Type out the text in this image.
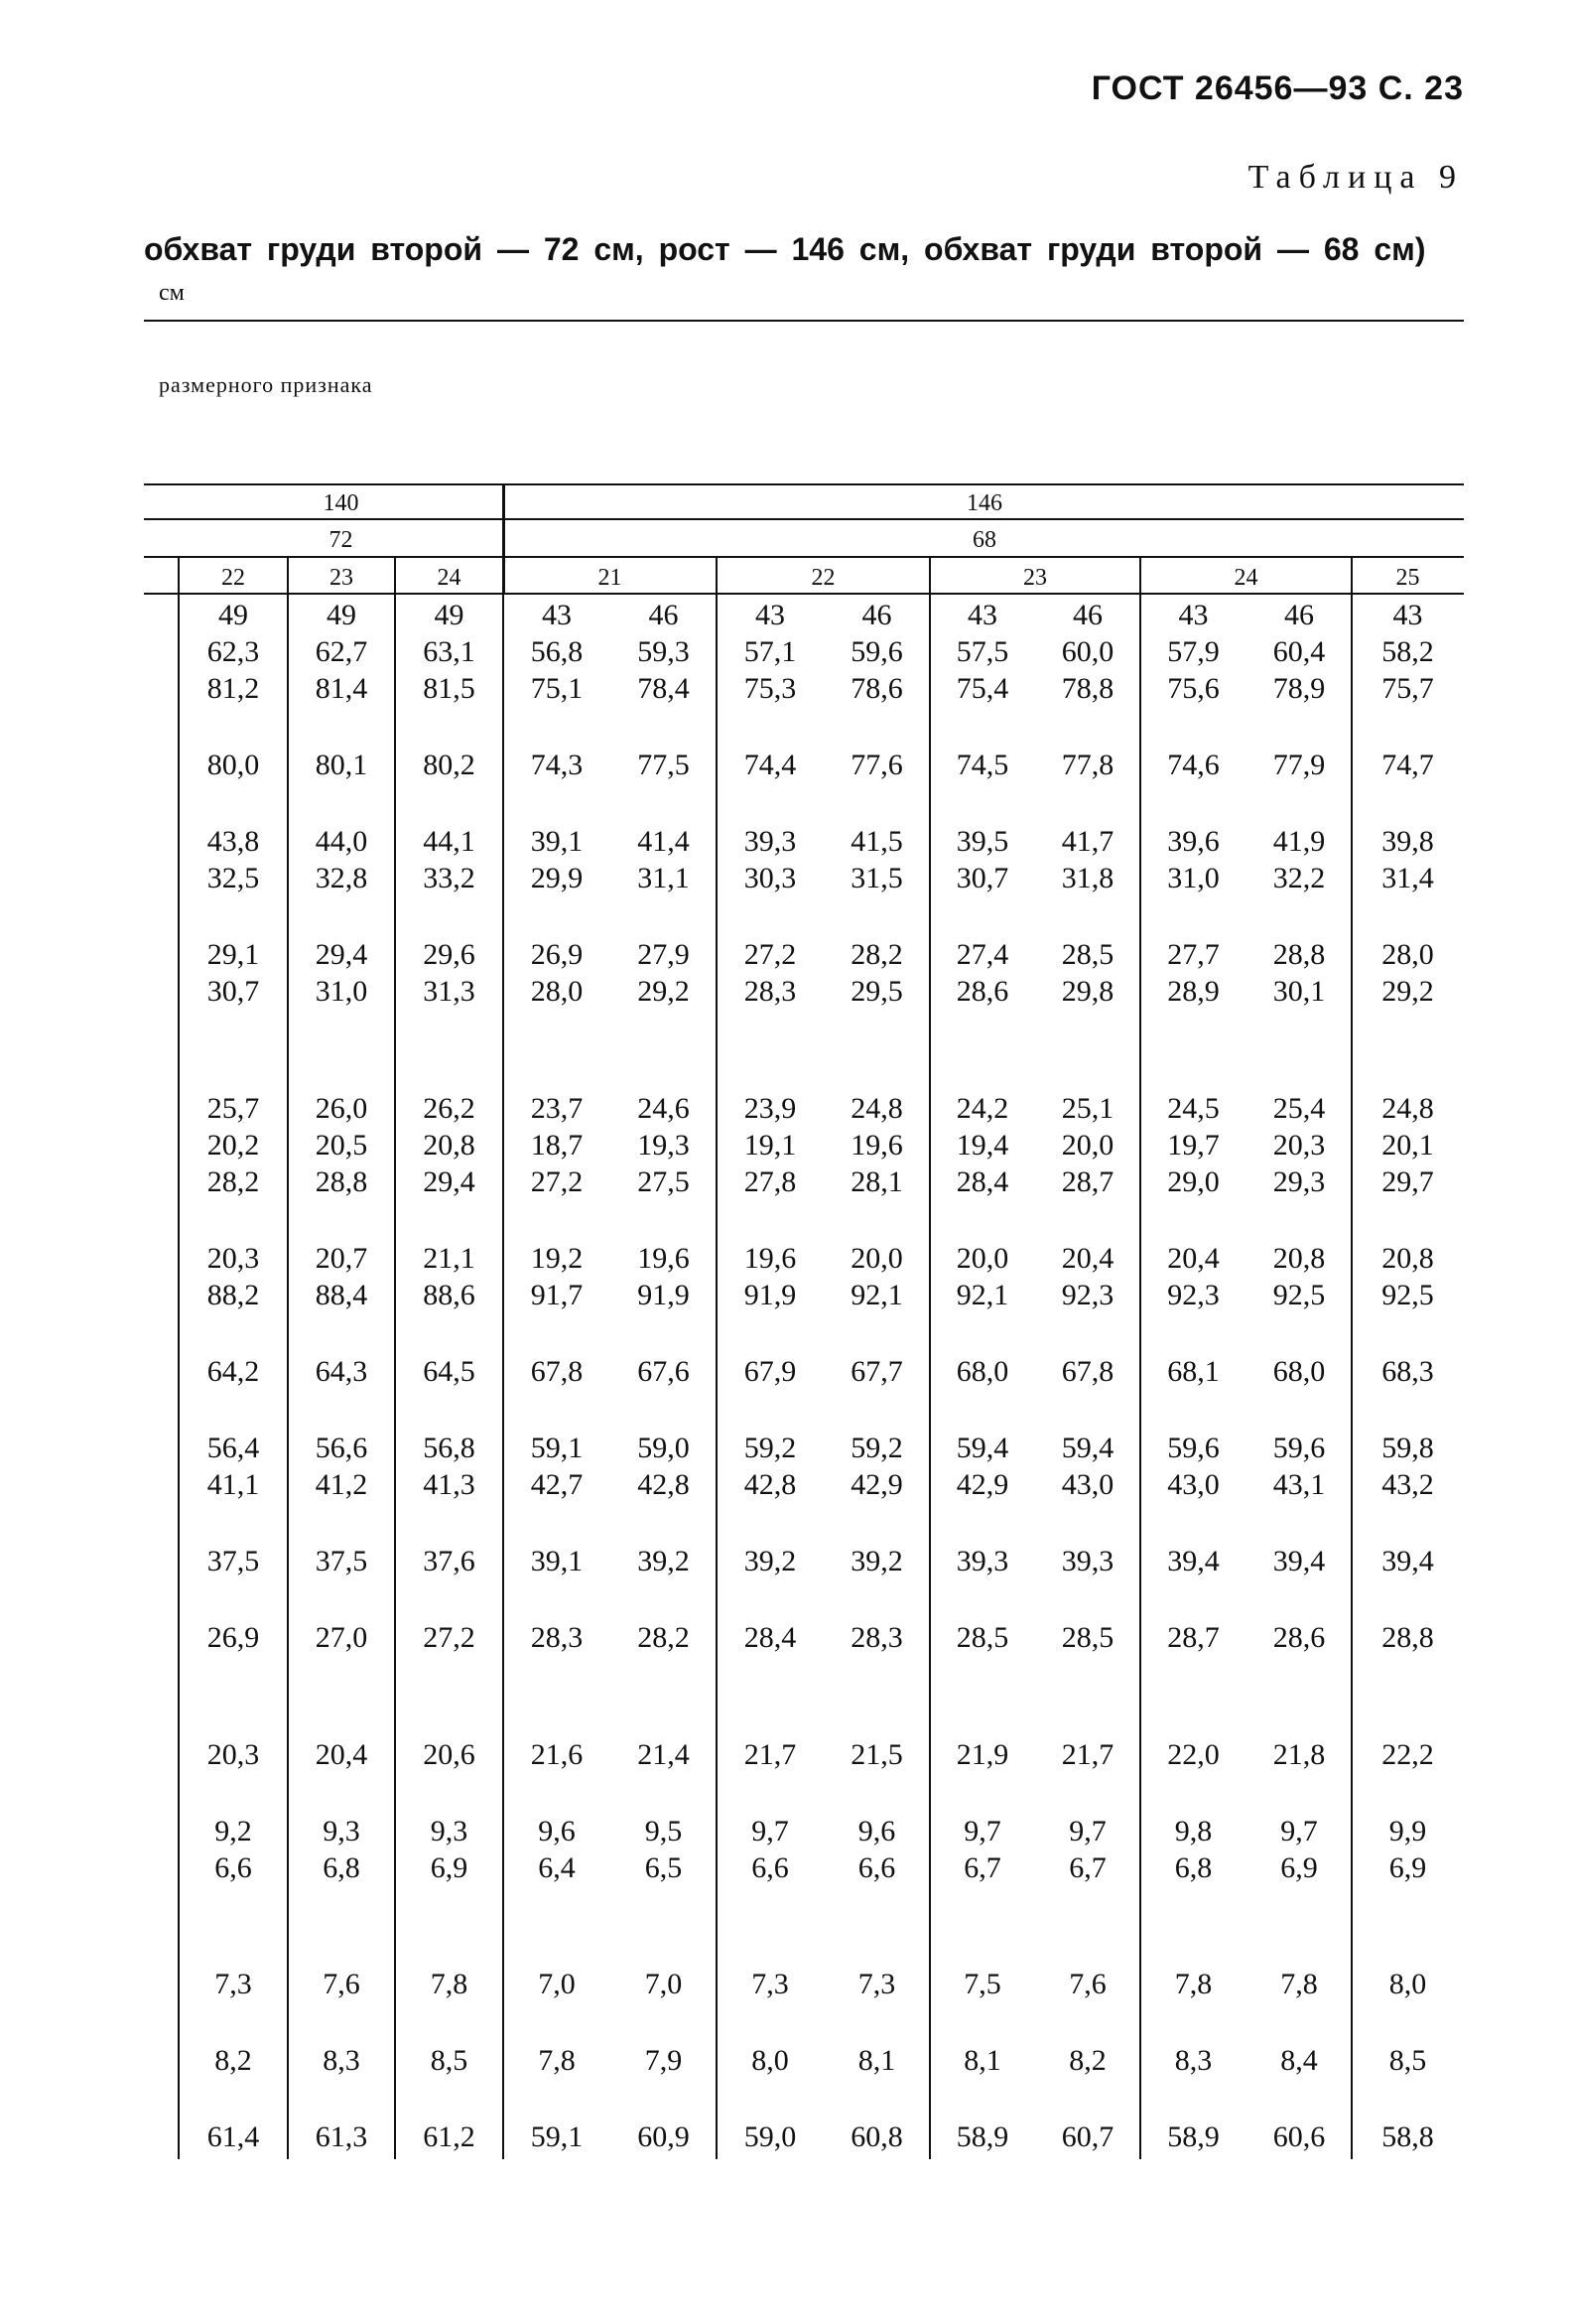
ГОСТ 26456—93 С. 23
Таблица 9
обхват груди второй — 72 см, рост — 146 см, обхват груди второй — 68 см)
см
размерного признака
140	146
72	68
22	23	24	21	22	23	24	25
49	49	49	43	46	43	46	43	46	43	46	43
62,3	62,7	63,1	56,8	59,3	57,1	59,6	57,5	60,0	57,9	60,4	58,2
81,2	81,4	81,5	75,1	78,4	75,3	78,6	75,4	78,8	75,6	78,9	75,7
80,0	80,1	80,2	74,3	77,5	74,4	77,6	74,5	77,8	74,6	77,9	74,7
43,8	44,0	44,1	39,1	41,4	39,3	41,5	39,5	41,7	39,6	41,9	39,8
32,5	32,8	33,2	29,9	31,1	30,3	31,5	30,7	31,8	31,0	32,2	31,4
29,1	29,4	29,6	26,9	27,9	27,2	28,2	27,4	28,5	27,7	28,8	28,0
30,7	31,0	31,3	28,0	29,2	28,3	29,5	28,6	29,8	28,9	30,1	29,2
25,7	26,0	26,2	23,7	24,6	23,9	24,8	24,2	25,1	24,5	25,4	24,8
20,2	20,5	20,8	18,7	19,3	19,1	19,6	19,4	20,0	19,7	20,3	20,1
28,2	28,8	29,4	27,2	27,5	27,8	28,1	28,4	28,7	29,0	29,3	29,7
20,3	20,7	21,1	19,2	19,6	19,6	20,0	20,0	20,4	20,4	20,8	20,8
88,2	88,4	88,6	91,7	91,9	91,9	92,1	92,1	92,3	92,3	92,5	92,5
64,2	64,3	64,5	67,8	67,6	67,9	67,7	68,0	67,8	68,1	68,0	68,3
56,4	56,6	56,8	59,1	59,0	59,2	59,2	59,4	59,4	59,6	59,6	59,8
41,1	41,2	41,3	42,7	42,8	42,8	42,9	42,9	43,0	43,0	43,1	43,2
37,5	37,5	37,6	39,1	39,2	39,2	39,2	39,3	39,3	39,4	39,4	39,4
26,9	27,0	27,2	28,3	28,2	28,4	28,3	28,5	28,5	28,7	28,6	28,8
20,3	20,4	20,6	21,6	21,4	21,7	21,5	21,9	21,7	22,0	21,8	22,2
9,2	9,3	9,3	9,6	9,5	9,7	9,6	9,7	9,7	9,8	9,7	9,9
6,6	6,8	6,9	6,4	6,5	6,6	6,6	6,7	6,7	6,8	6,9	6,9
7,3	7,6	7,8	7,0	7,0	7,3	7,3	7,5	7,6	7,8	7,8	8,0
8,2	8,3	8,5	7,8	7,9	8,0	8,1	8,1	8,2	8,3	8,4	8,5
61,4	61,3	61,2	59,1	60,9	59,0	60,8	58,9	60,7	58,9	60,6	58,8
